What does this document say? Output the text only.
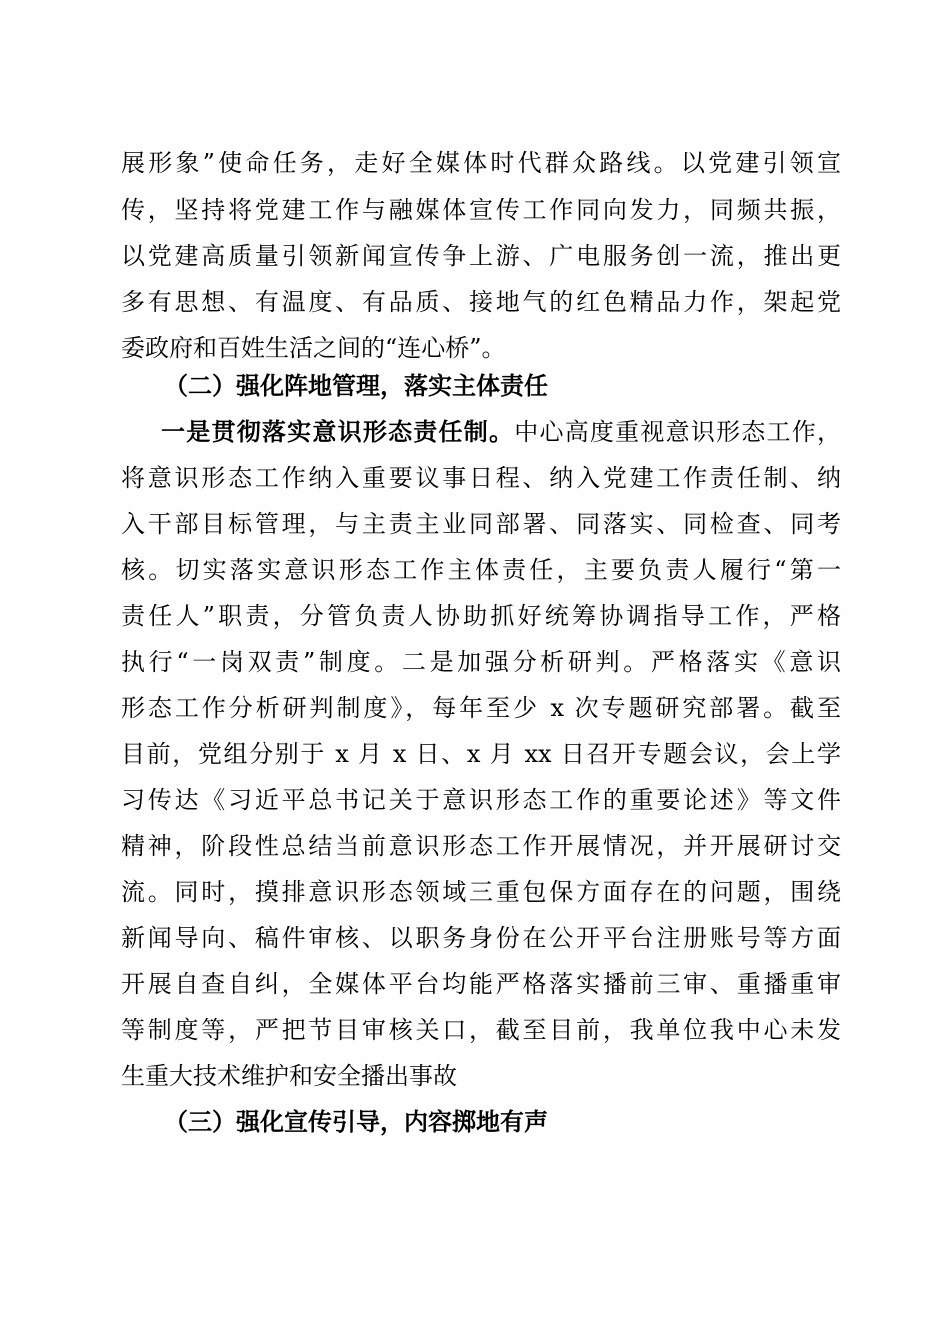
展形象”使命任务，走好全媒体时代群众路线。以党建引领宣
传，坚持将党建工作与融媒体宣传工作同向发力，同频共振，
以党建高质量引领新闻宣传争上游、广电服务创一流，推出更
多有思想、有温度、有品质、接地气的红色精品力作，架起党
委政府和百姓生活之间的“连心桥”。
（二）强化阵地管理，落实主体责任
一是贯彻落实意识形态责任制。中心高度重视意识形态工作，
将意识形态工作纳入重要议事日程、纳入党建工作责任制、纳
入干部目标管理，与主责主业同部署、同落实、同检查、同考
核。切实落实意识形态工作主体责任，主要负责人履行“第一
责任人”职责，分管负责人协助抓好统筹协调指导工作，严格
执行“一岗双责”制度。二是加强分析研判。严格落实《意识
形态工作分析研判制度》，每年至少 x 次专题研究部署。截至
目前，党组分别于 x 月 x 日、x 月 xx 日召开专题会议，会上学
习传达《习近平总书记关于意识形态工作的重要论述》等文件
精神，阶段性总结当前意识形态工作开展情况，并开展研讨交
流。同时，摸排意识形态领域三重包保方面存在的问题，围绕
新闻导向、稿件审核、以职务身份在公开平台注册账号等方面
开展自查自纠，全媒体平台均能严格落实播前三审、重播重审
等制度等，严把节目审核关口，截至目前，我单位我中心未发
生重大技术维护和安全播出事故
（三）强化宣传引导，内容掷地有声
